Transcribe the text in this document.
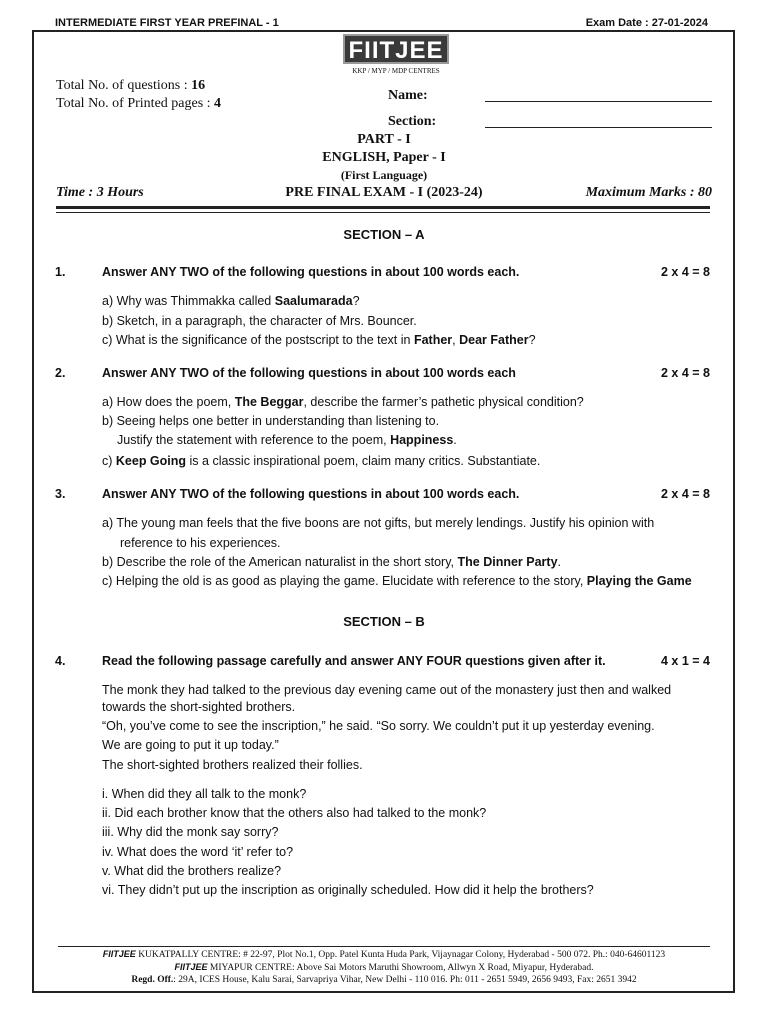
INTERMEDIATE FIRST YEAR PREFINAL - 1	Exam Date : 27-01-2024
FIITJEE
KKP / MYP / MDP CENTRES
Total No. of questions : 16
Total No. of Printed pages : 4
Name:
Section:
PART - I
ENGLISH, Paper - I
(First Language)
Time : 3 Hours	PRE FINAL EXAM - I (2023-24)	Maximum Marks : 80
SECTION – A
1.	Answer ANY TWO of the following questions in about 100 words each.	2 x 4 = 8
a) Why was Thimmakka called Saalumarada?
b) Sketch, in a paragraph, the character of Mrs. Bouncer.
c) What is the significance of the postscript to the text in Father, Dear Father?
2.	Answer ANY TWO of the following questions in about 100 words each	2 x 4 = 8
a) How does the poem, The Beggar, describe the farmer’s pathetic physical condition?
b) Seeing helps one better in understanding than listening to.
Justify the statement with reference to the poem, Happiness.
c) Keep Going is a classic inspirational poem, claim many critics. Substantiate.
3.	Answer ANY TWO of the following questions in about 100 words each.	2 x 4 = 8
a) The young man feels that the five boons are not gifts, but merely lendings. Justify his opinion with
reference to his experiences.
b) Describe the role of the American naturalist in the short story, The Dinner Party.
c) Helping the old is as good as playing the game. Elucidate with reference to the story, Playing the Game
SECTION – B
4.	Read the following passage carefully and answer ANY FOUR questions given after it.	4 x 1 = 4
The monk they had talked to the previous day evening came out of the monastery just then and walked
towards the short-sighted brothers.
“Oh, you’ve come to see the inscription,” he said. “So sorry. We couldn’t put it up yesterday evening.
We are going to put it up today.”
The short-sighted brothers realized their follies.
i. When did they all talk to the monk?
ii. Did each brother know that the others also had talked to the monk?
iii. Why did the monk say sorry?
iv. What does the word ‘it’ refer to?
v. What did the brothers realize?
vi. They didn’t put up the inscription as originally scheduled. How did it help the brothers?
FIITJEE KUKATPALLY CENTRE: # 22-97, Plot No.1, Opp. Patel Kunta Huda Park, Vijaynagar Colony, Hyderabad - 500 072. Ph.: 040-64601123
FIITJEE MIYAPUR CENTRE: Above Sai Motors Maruthi Showroom, Allwyn X Road, Miyapur, Hyderabad.
Regd. Off.: 29A, ICES House, Kalu Sarai, Sarvapriya Vihar, New Delhi - 110 016. Ph: 011 - 2651 5949, 2656 9493, Fax: 2651 3942
